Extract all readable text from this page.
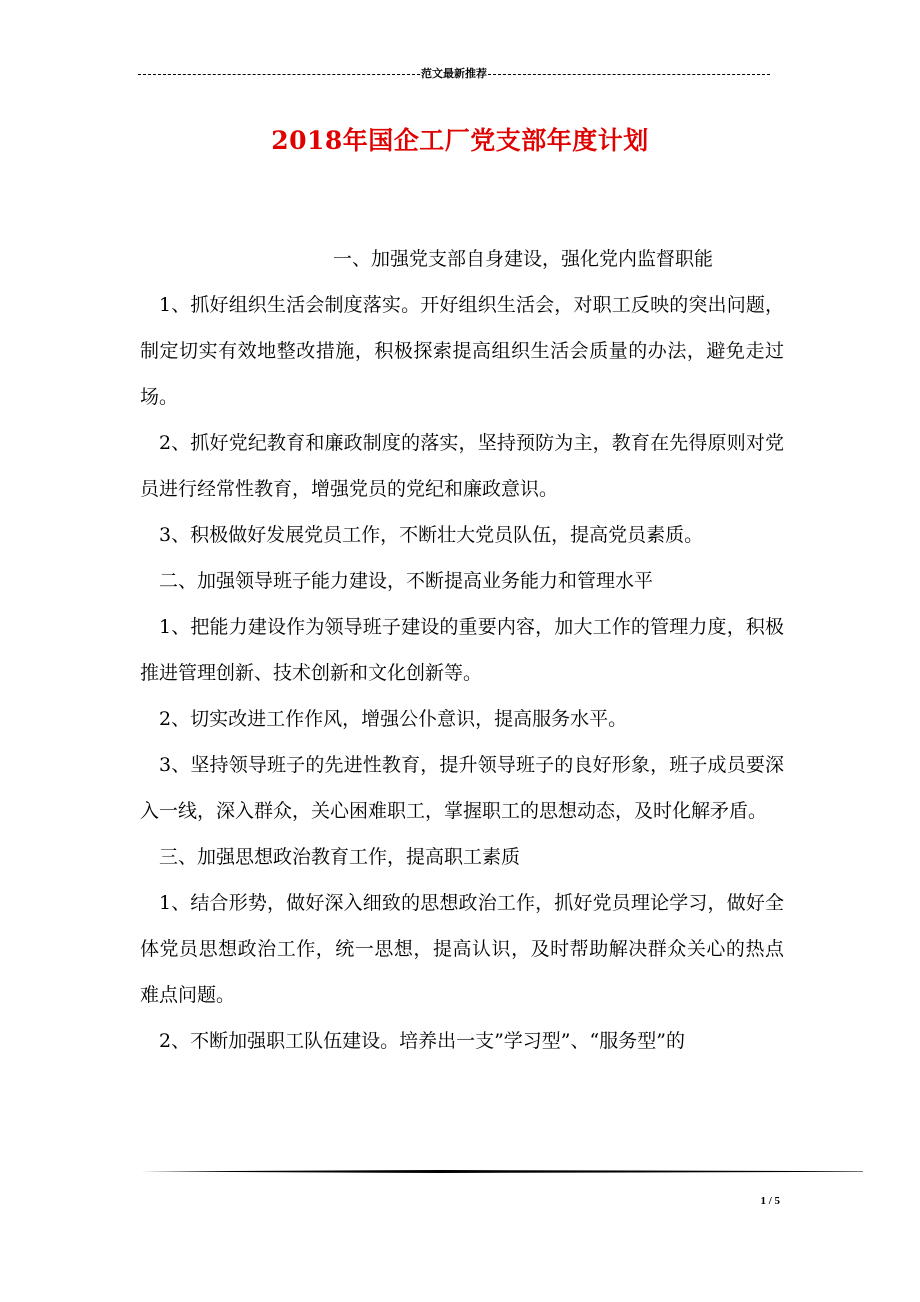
范文最新推荐
2018年国企工厂党支部年度计划

一、加强党支部自身建设，强化党内监督职能

1、抓好组织生活会制度落实。开好组织生活会，对职工反映的突出问题，制定切实有效地整改措施，积极探索提高组织生活会质量的办法，避免走过场。

2、抓好党纪教育和廉政制度的落实，坚持预防为主，教育在先得原则对党员进行经常性教育，增强党员的党纪和廉政意识。

3、积极做好发展党员工作，不断壮大党员队伍，提高党员素质。

二、加强领导班子能力建设，不断提高业务能力和管理水平

1、把能力建设作为领导班子建设的重要内容，加大工作的管理力度，积极推进管理创新、技术创新和文化创新等。

2、切实改进工作作风，增强公仆意识，提高服务水平。

3、坚持领导班子的先进性教育，提升领导班子的良好形象，班子成员要深入一线，深入群众，关心困难职工，掌握职工的思想动态，及时化解矛盾。

三、加强思想政治教育工作，提高职工素质

1、结合形势，做好深入细致的思想政治工作，抓好党员理论学习，做好全体党员思想政治工作，统一思想，提高认识，及时帮助解决群众关心的热点难点问题。

2、不断加强职工队伍建设。培养出一支”学习型”、“服务型”的

1 / 5
